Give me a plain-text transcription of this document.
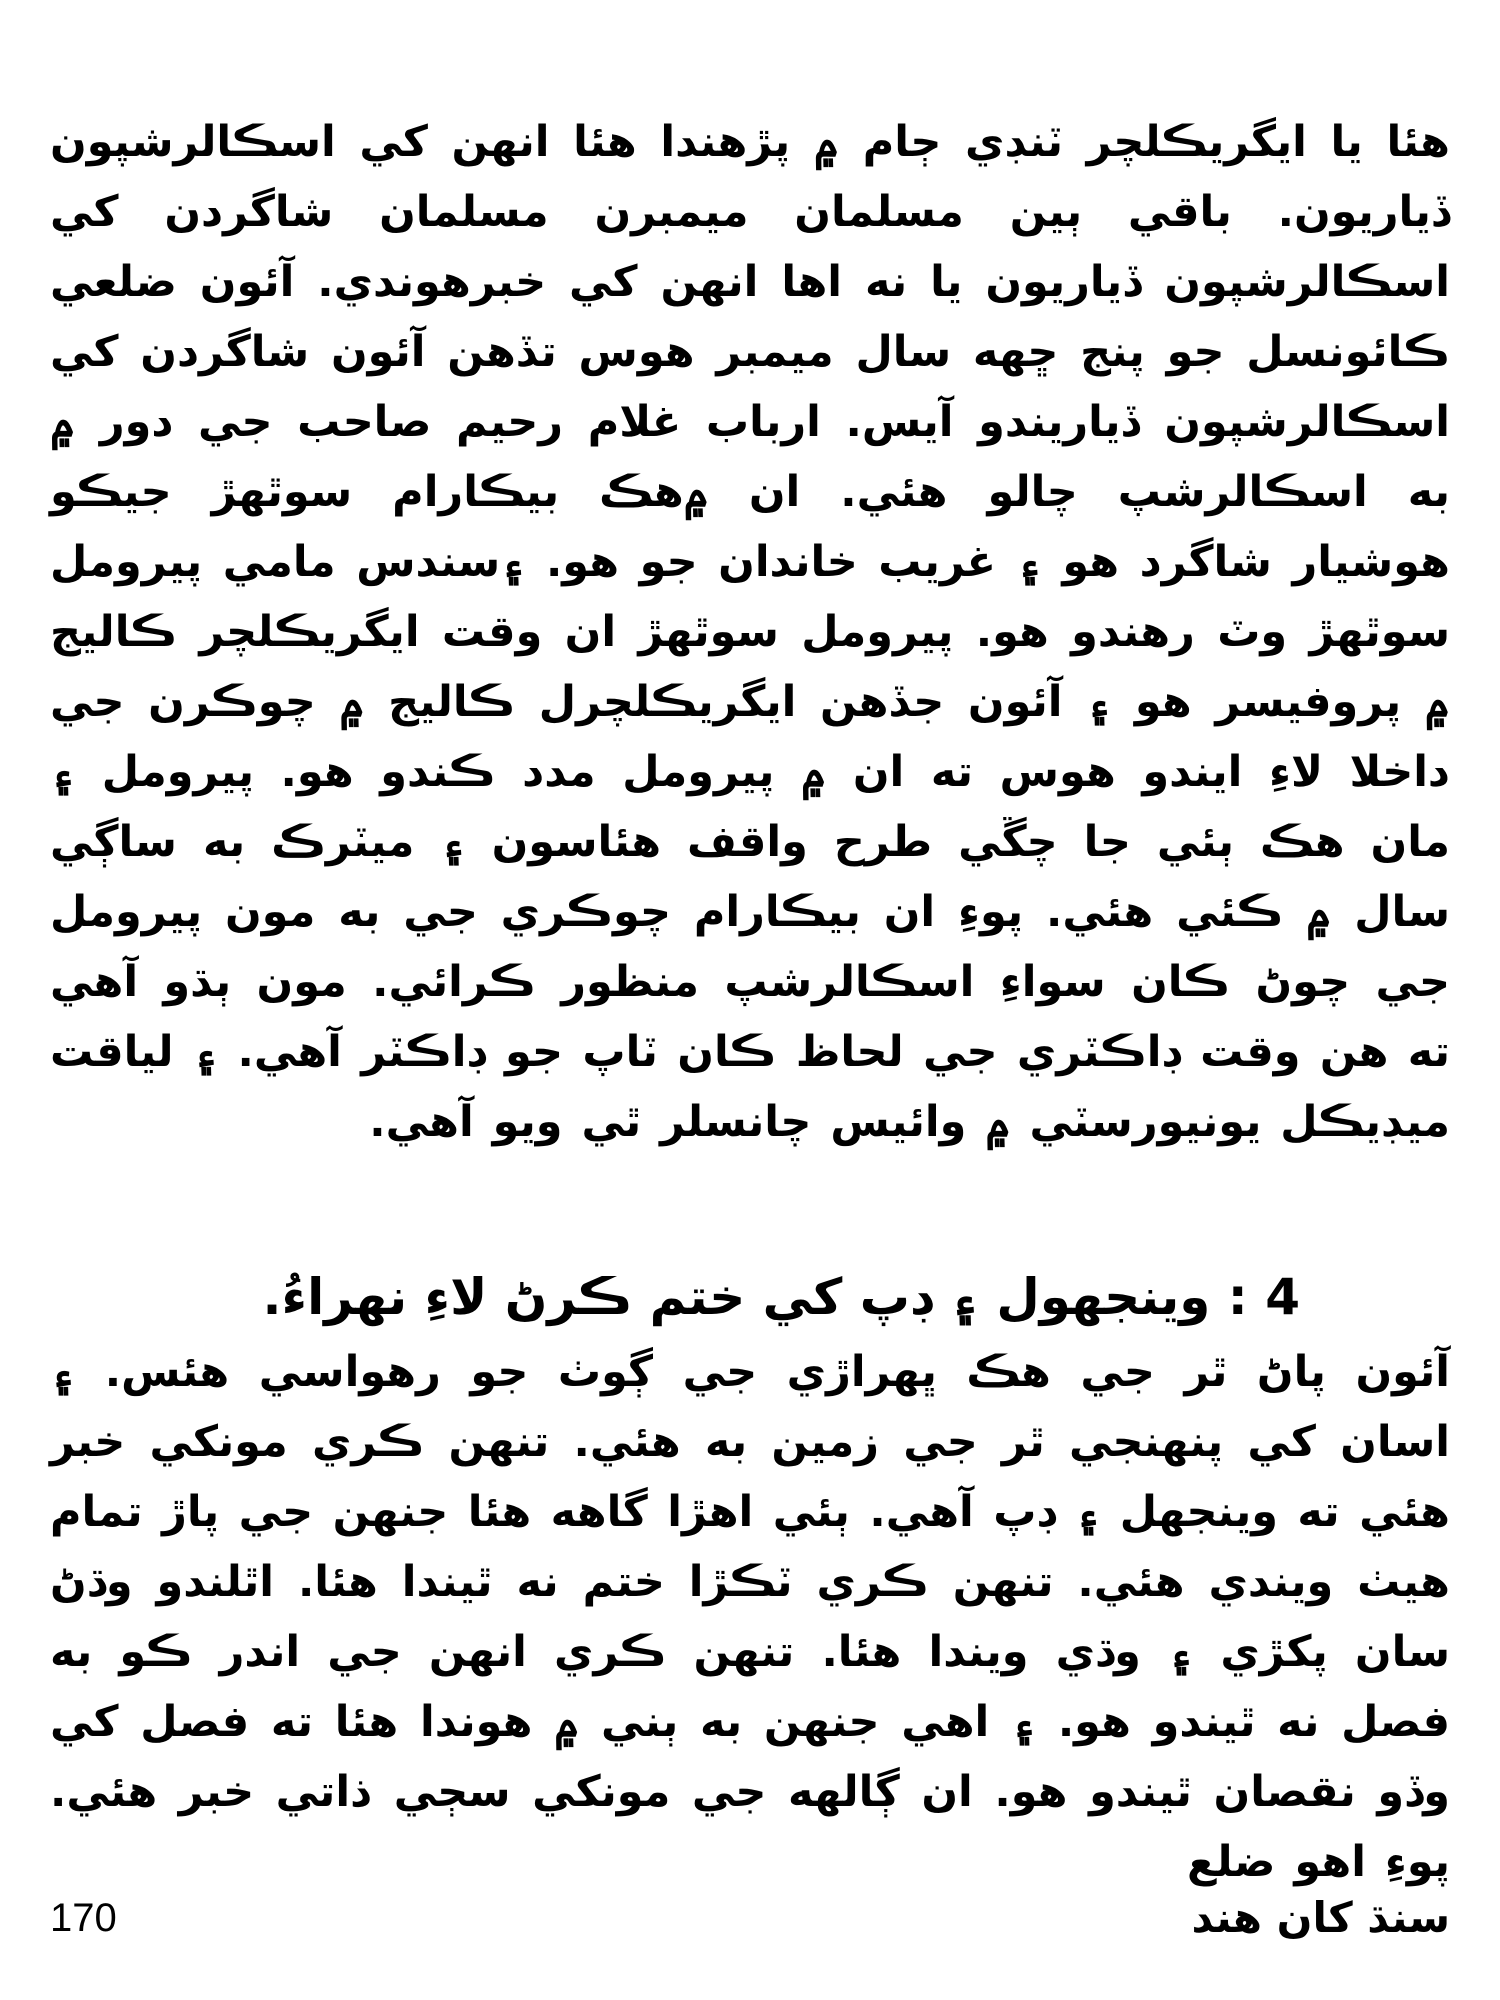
هئا يا ايگريڪلچر ٽنڊي ڄام ۾ پڙهندا هئا انهن کي اسڪالرشپون ڏياريون. باقي ٻين مسلمان ميمبرن مسلمان شاگردن کي اسڪالرشپون ڏياريون يا نه اها انهن کي خبرهوندي. آئون ضلعي ڪائونسل جو پنج ڇهه سال ميمبر هوس تڏهن آئون شاگردن کي اسڪالرشپون ڏياريندو آيس. ارباب غلام رحيم صاحب جي دور ۾ به اسڪالرشپ چالو هئي. ان ۾هڪ بيڪارام سوٿهڙ جيڪو هوشيار شاگرد هو ۽ غريب خاندان جو هو. ۽سندس مامي پيرومل سوٿهڙ وٽ رهندو هو. پيرومل سوٿهڙ ان وقت ايگريڪلچر ڪاليج ۾ پروفيسر هو ۽ آئون جڏهن ايگريڪلچرل ڪاليج ۾ چوڪرن جي داخلا لاءِ ايندو هوس ته ان ۾ پيرومل مدد ڪندو هو. پيرومل ۽ مان هڪ ٻئي جا چڱي طرح واقف هئاسون ۽ ميٽرڪ به ساڳي سال ۾ ڪئي هئي. پوءِ ان بيڪارام چوڪري جي به مون پيرومل جي چوڻ ڪان سواءِ اسڪالرشپ منظور ڪرائي. مون ٻڌو آهي ته هن وقت ڊاڪٽري جي لحاظ ڪان ٽاپ جو ڊاڪٽر آهي. ۽ لياقت ميڊيڪل يونيورسٽي ۾ وائيس چانسلر ٿي ويو آهي.

4 : وينجهول ۽ ڊپ کي ختم ڪرڻ لاءِ نهراءُ.

آئون پاڻ ٿر جي هڪ ڀهراڙي جي ڳوٺ جو رهواسي هئس. ۽ اسان کي پنهنجي ٿر جي زمين به هئي. تنهن ڪري مونکي خبر هئي ته وينجهل ۽ ڊپ آهي. ٻئي اهڙا گاهه هئا جنهن جي پاڙ تمام هيٺ ويندي هئي. تنهن ڪري ٽڪڙا ختم نه ٿيندا هئا. اٿلندو وڌڻ سان پکڙي ۽ وڌي ويندا هئا. تنهن ڪري انهن جي اندر ڪو به فصل نه ٿيندو هو. ۽ اهي جنهن به ٻني ۾ هوندا هئا ته فصل کي وڏو نقصان ٿيندو هو. ان ڳالهه جي مونکي سڄي ذاتي خبر هئي. پوءِ اهو ضلع

170	سنڌ کان هند
